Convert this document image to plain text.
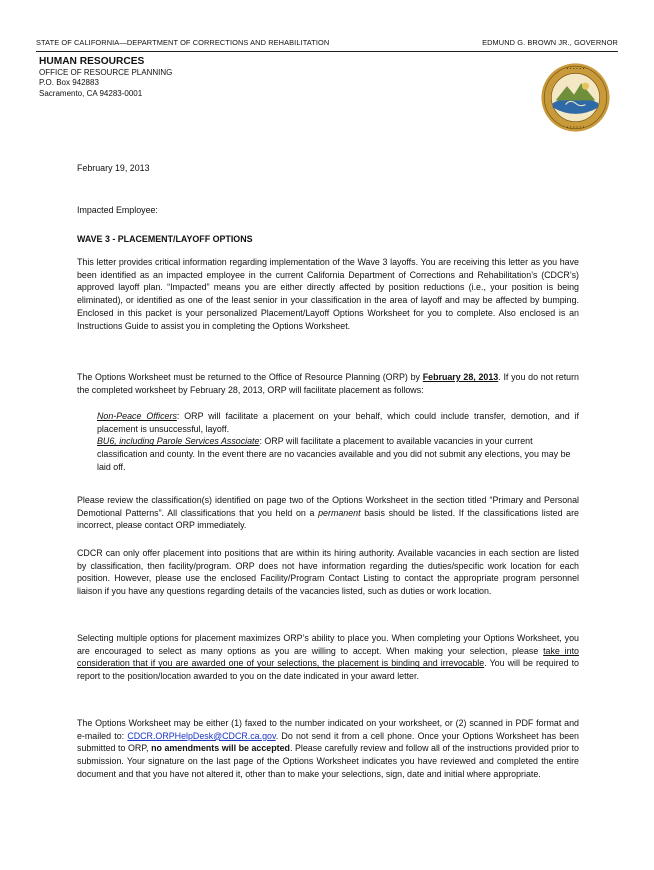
STATE OF CALIFORNIA—DEPARTMENT OF CORRECTIONS AND REHABILITATION	EDMUND G. BROWN JR., GOVERNOR
HUMAN RESOURCES
OFFICE OF RESOURCE PLANNING
P.O. Box 942883
Sacramento, CA 94283-0001
• • • • • •
• • • • • •
February 19, 2013
Impacted Employee:
WAVE 3 - PLACEMENT/LAYOFF OPTIONS

This letter provides critical information regarding implementation of the Wave 3 layoffs. You are receiving this letter as you have been identified as an impacted employee in the current California Department of Corrections and Rehabilitation’s (CDCR’s) approved layoff plan. “Impacted” means you are either directly affected by position reductions (i.e., your position is being eliminated), or identified as one of the least senior in your classification in the area of layoff and may be affected by bumping. Enclosed in this packet is your personalized Placement/Layoff Options Worksheet for you to complete. Also enclosed is an Instructions Guide to assist you in completing the Options Worksheet.

The Options Worksheet must be returned to the Office of Resource Planning (ORP) by February 28, 2013. If you do not return the completed worksheet by February 28, 2013, ORP will facilitate placement as follows:

Non-Peace Officers: ORP will facilitate a placement on your behalf, which could include transfer, demotion, and if placement is unsuccessful, layoff.

BU6, including Parole Services Associate: ORP will facilitate a placement to available vacancies in your current classification and county. In the event there are no vacancies available and you did not submit any elections, you may be laid off.

Please review the classification(s) identified on page two of the Options Worksheet in the section titled “Primary and Personal Demotional Patterns”. All classifications that you held on a permanent basis should be listed. If the classifications listed are incorrect, please contact ORP immediately.

CDCR can only offer placement into positions that are within its hiring authority. Available vacancies in each section are listed by classification, then facility/program. ORP does not have information regarding the duties/specific work location for each position. However, please use the enclosed Facility/Program Contact Listing to contact the appropriate program personnel liaison if you have any questions regarding details of the vacancies listed, such as duties or work location.

Selecting multiple options for placement maximizes ORP’s ability to place you. When completing your Options Worksheet, you are encouraged to select as many options as you are willing to accept. When making your selection, please take into consideration that if you are awarded one of your selections, the placement is binding and irrevocable. You will be required to report to the position/location awarded to you on the date indicated in your award letter.

The Options Worksheet may be either (1) faxed to the number indicated on your worksheet, or (2) scanned in PDF format and e-mailed to: CDCR.ORPHelpDesk@CDCR.ca.gov. Do not send it from a cell phone. Once your Options Worksheet has been submitted to ORP, no amendments will be accepted. Please carefully review and follow all of the instructions provided prior to submission. Your signature on the last page of the Options Worksheet indicates you have reviewed and completed the entire document and that you have not altered it, other than to make your selections, sign, date and initial where appropriate.
